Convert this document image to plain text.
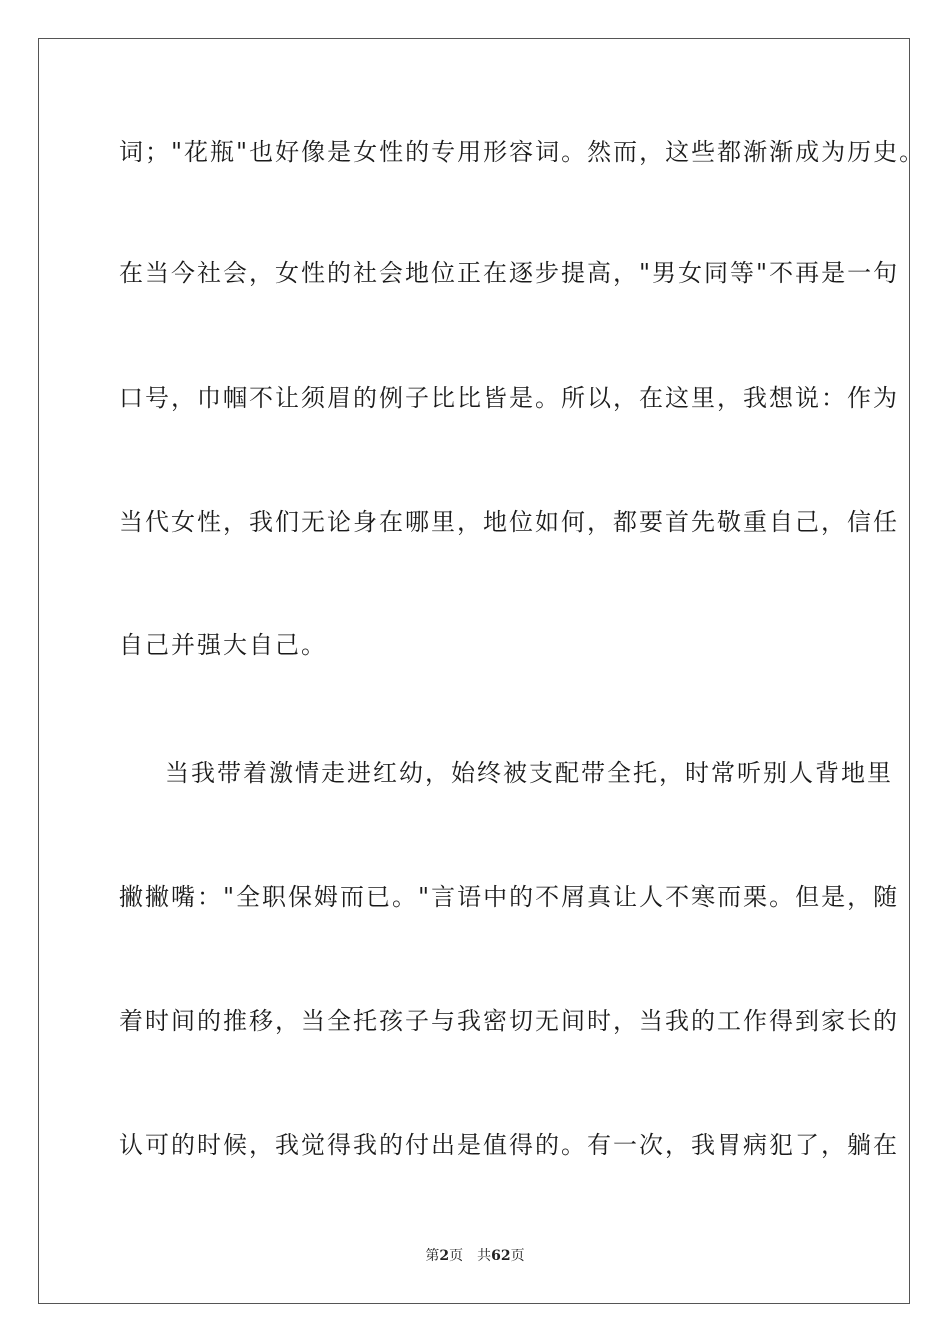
词；"花瓶"也好像是女性的专用形容词。然而，这些都渐渐成为历史。
在当今社会，女性的社会地位正在逐步提高，"男女同等"不再是一句
口号，巾帼不让须眉的例子比比皆是。所以，在这里，我想说：作为
当代女性，我们无论身在哪里，地位如何，都要首先敬重自己，信任
自己并强大自己。
当我带着激情走进红幼，始终被支配带全托，时常听别人背地里
撇撇嘴："全职保姆而已。"言语中的不屑真让人不寒而栗。但是，随
着时间的推移，当全托孩子与我密切无间时，当我的工作得到家长的
认可的时候，我觉得我的付出是值得的。有一次，我胃病犯了，躺在
第2页 共62页
